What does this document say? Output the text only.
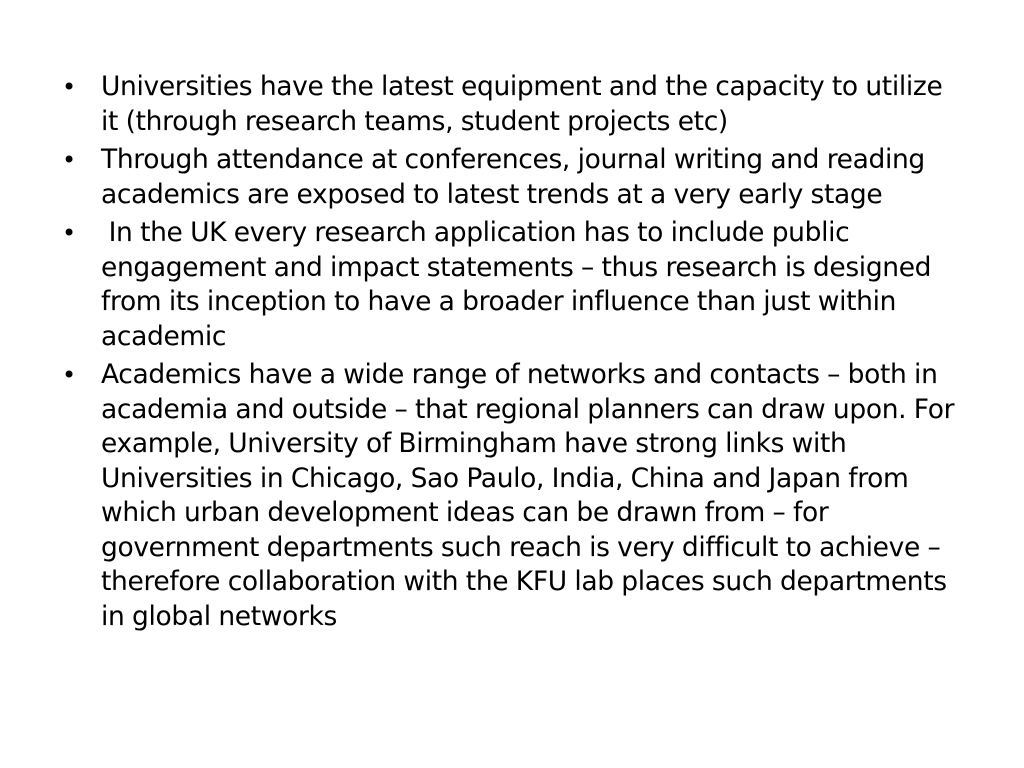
• Universities have the latest equipment and the capacity to utilize it (through research teams, student projects etc)
• Through attendance at conferences, journal writing and reading academics are exposed to latest trends at a very early stage
• In the UK every research application has to include public engagement and impact statements – thus research is designed from its inception to have a broader influence than just within academic
• Academics have a wide range of networks and contacts – both in academia and outside – that regional planners can draw upon. For example, University of Birmingham have strong links with Universities in Chicago, Sao Paulo, India, China and Japan from which urban development ideas can be drawn from – for government departments such reach is very difficult to achieve – therefore collaboration with the KFU lab places such departments in global networks
